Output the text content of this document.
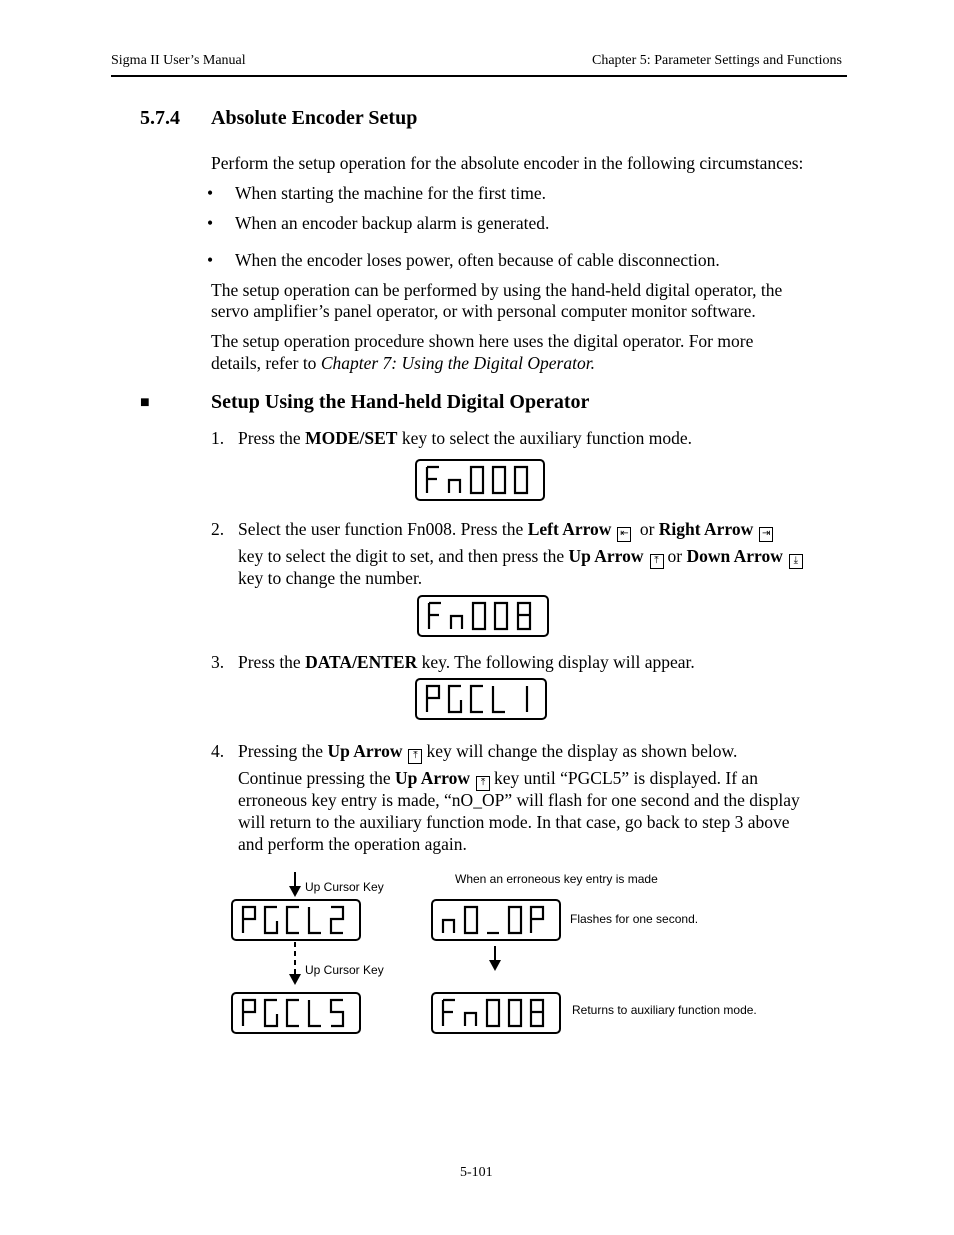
Sigma II User’s Manual	Chapter 5: Parameter Settings and Functions
5.7.4 Absolute Encoder Setup
Perform the setup operation for the absolute encoder in the following circumstances:
• When starting the machine for the first time.
• When an encoder backup alarm is generated.
• When the encoder loses power, often because of cable disconnection.
The setup operation can be performed by using the hand-held digital operator, the
servo amplifier’s panel operator, or with personal computer monitor software.
The setup operation procedure shown here uses the digital operator. For more
details, refer to Chapter 7: Using the Digital Operator.
■	Setup Using the Hand-held Digital Operator
1. Press the MODE/SET key to select the auxiliary function mode.
2. Select the user function Fn008. Press the Left Arrow ⇤ or Right Arrow ⇥
key to select the digit to set, and then press the Up Arrow ⤒ or Down Arrow ⤓
key to change the number.
3. Press the DATA/ENTER key. The following display will appear.
4. Pressing the Up Arrow ⤒ key will change the display as shown below.
Continue pressing the Up Arrow ⤒ key until “PGCL5” is displayed. If an
erroneous key entry is made, “nO_OP” will flash for one second and the display
will return to the auxiliary function mode. In that case, go back to step 3 above
and perform the operation again.
Up Cursor Key
When an erroneous key entry is made
Flashes for one second.
Up Cursor Key
Returns to auxiliary function mode.
5-101
